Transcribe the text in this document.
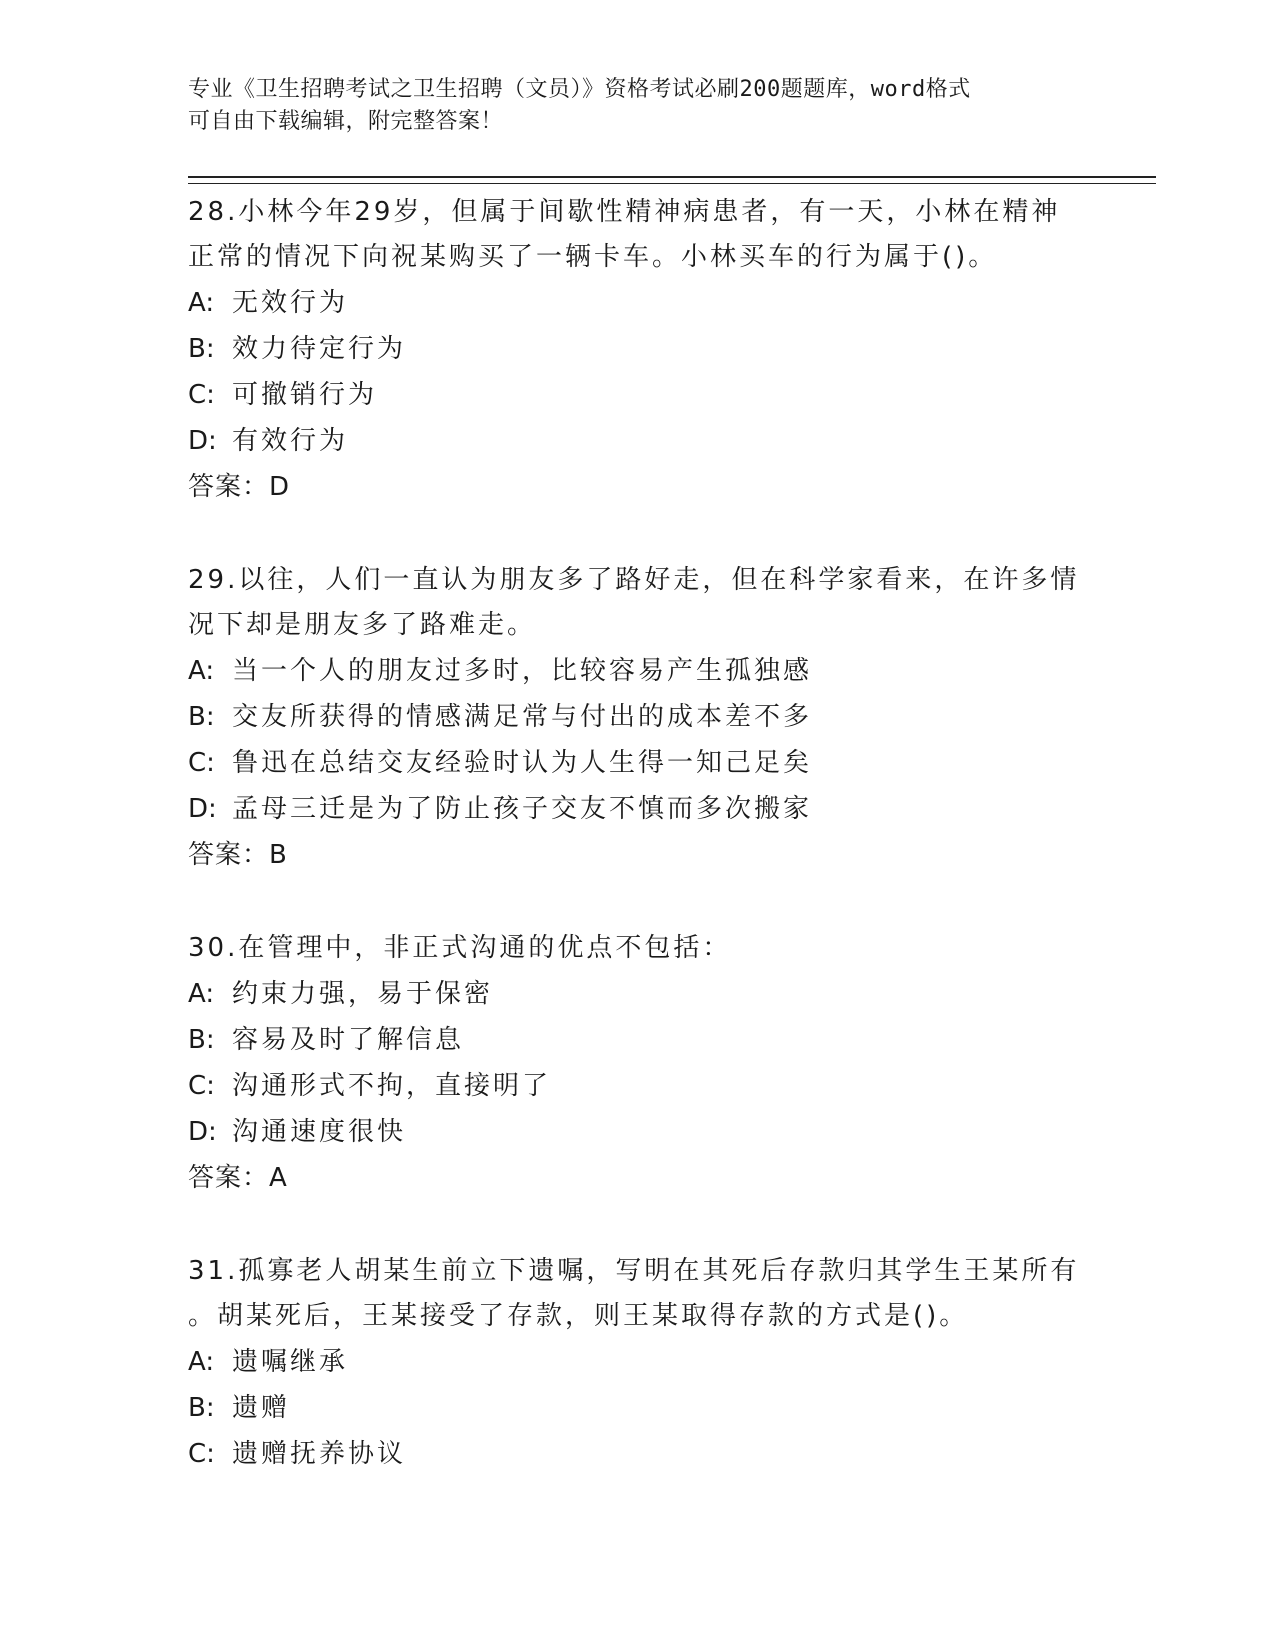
专业《卫生招聘考试之卫生招聘（文员）》资格考试必刷200题题库，word格式
可自由下载编辑，附完整答案！
28.小林今年29岁，但属于间歇性精神病患者，有一天，小林在精神
正常的情况下向祝某购买了一辆卡车。小林买车的行为属于()。
A: 无效行为
B: 效力待定行为
C: 可撤销行为
D: 有效行为
答案：D
29.以往，人们一直认为朋友多了路好走，但在科学家看来，在许多情
况下却是朋友多了路难走。
A: 当一个人的朋友过多时，比较容易产生孤独感
B: 交友所获得的情感满足常与付出的成本差不多
C: 鲁迅在总结交友经验时认为人生得一知己足矣
D: 孟母三迁是为了防止孩子交友不慎而多次搬家
答案：B
30.在管理中，非正式沟通的优点不包括：
A: 约束力强，易于保密
B: 容易及时了解信息
C: 沟通形式不拘，直接明了
D: 沟通速度很快
答案：A
31.孤寡老人胡某生前立下遗嘱，写明在其死后存款归其学生王某所有
。胡某死后，王某接受了存款，则王某取得存款的方式是()。
A: 遗嘱继承
B: 遗赠
C: 遗赠抚养协议
